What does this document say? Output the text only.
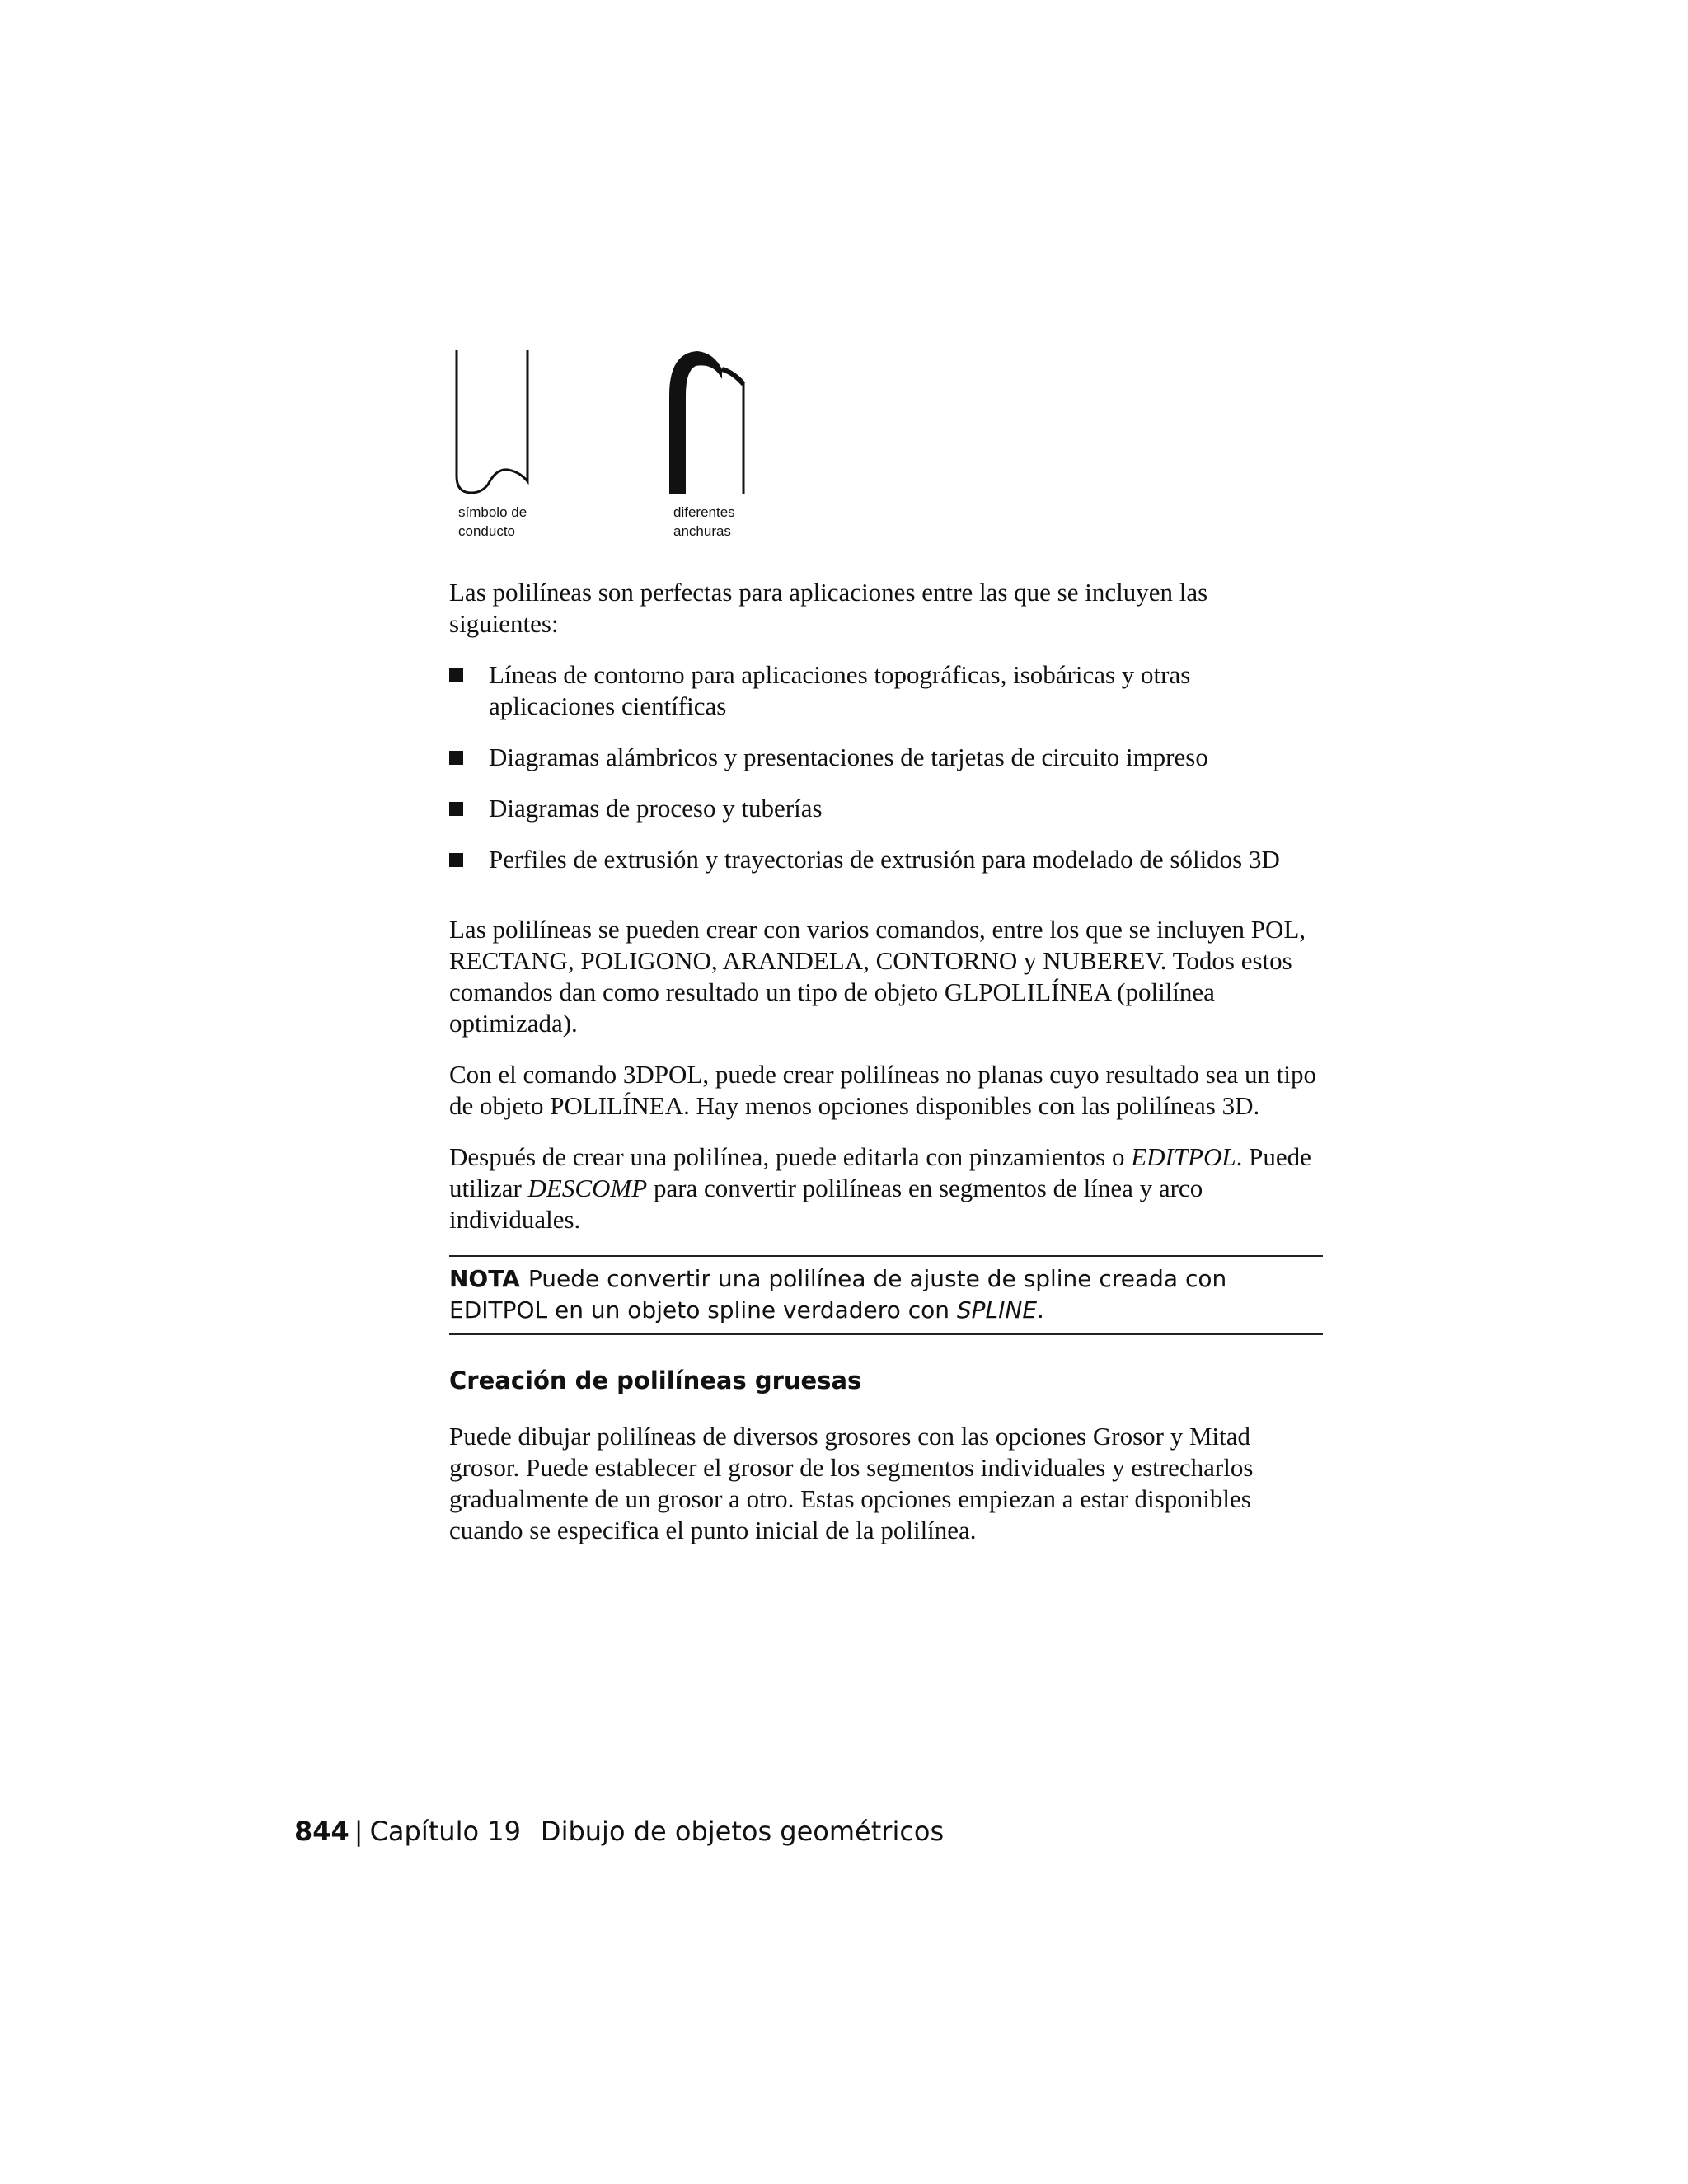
símbolo de
conducto
diferentes
anchuras

Las polilíneas son perfectas para aplicaciones entre las que se incluyen las siguientes:

Líneas de contorno para aplicaciones topográficas, isobáricas y otras aplicaciones científicas
Diagramas alámbricos y presentaciones de tarjetas de circuito impreso
Diagramas de proceso y tuberías
Perfiles de extrusión y trayectorias de extrusión para modelado de sólidos 3D

Las polilíneas se pueden crear con varios comandos, entre los que se incluyen POL, RECTANG, POLIGONO, ARANDELA, CONTORNO y NUBEREV. Todos estos comandos dan como resultado un tipo de objeto GLPOLILÍNEA (polilínea optimizada).

Con el comando 3DPOL, puede crear polilíneas no planas cuyo resultado sea un tipo de objeto POLILÍNEA. Hay menos opciones disponibles con las polilíneas 3D.

Después de crear una polilínea, puede editarla con pinzamientos o EDITPOL. Puede utilizar DESCOMP para convertir polilíneas en segmentos de línea y arco individuales.

NOTA Puede convertir una polilínea de ajuste de spline creada con EDITPOL en un objeto spline verdadero con SPLINE.
Creación de polilíneas gruesas

Puede dibujar polilíneas de diversos grosores con las opciones Grosor y Mitad grosor. Puede establecer el grosor de los segmentos individuales y estrecharlos gradualmente de un grosor a otro. Estas opciones empiezan a estar disponibles cuando se especifica el punto inicial de la polilínea.

844 | Capítulo 19 Dibujo de objetos geométricos
